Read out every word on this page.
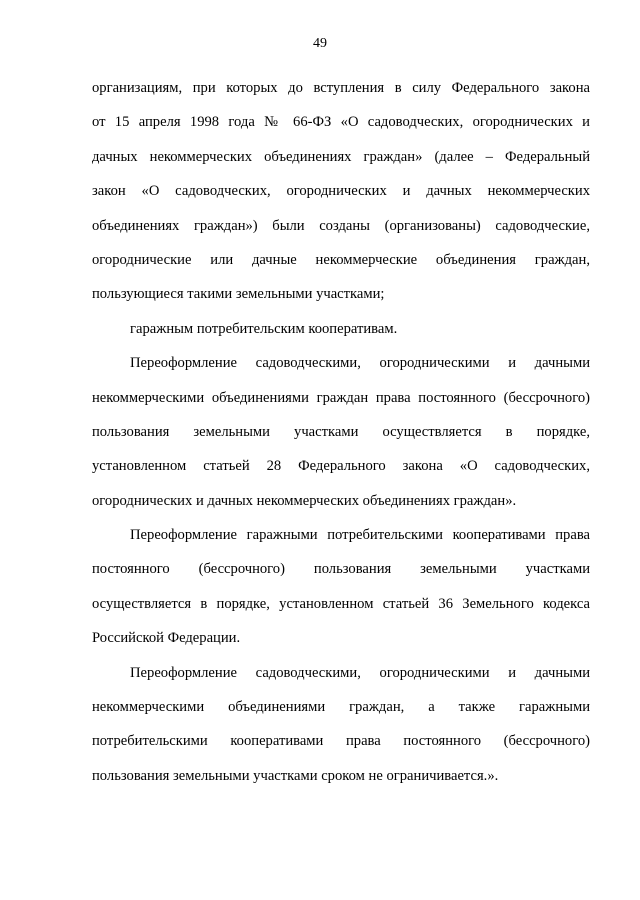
49
организациям, при которых до вступления в силу Федерального закона
от 15 апреля 1998 года № 66-ФЗ «О садоводческих, огороднических и
дачных некоммерческих объединениях граждан» (далее – Федеральный
закон «О садоводческих, огороднических и дачных некоммерческих
объединениях граждан») были созданы (организованы) садоводческие,
огороднические или дачные некоммерческие объединения граждан,
пользующиеся такими земельными участками;
гаражным потребительским кооперативам.
Переоформление садоводческими, огородническими и дачными
некоммерческими объединениями граждан права постоянного (бессрочного)
пользования земельными участками осуществляется в порядке,
установленном статьей 28 Федерального закона «О садоводческих,
огороднических и дачных некоммерческих объединениях граждан».
Переоформление гаражными потребительскими кооперативами права
постоянного (бессрочного) пользования земельными участками
осуществляется в порядке, установленном статьей 36 Земельного кодекса
Российской Федерации.
Переоформление садоводческими, огородническими и дачными
некоммерческими объединениями граждан, а также гаражными
потребительскими кооперативами права постоянного (бессрочного)
пользования земельными участками сроком не ограничивается.».
